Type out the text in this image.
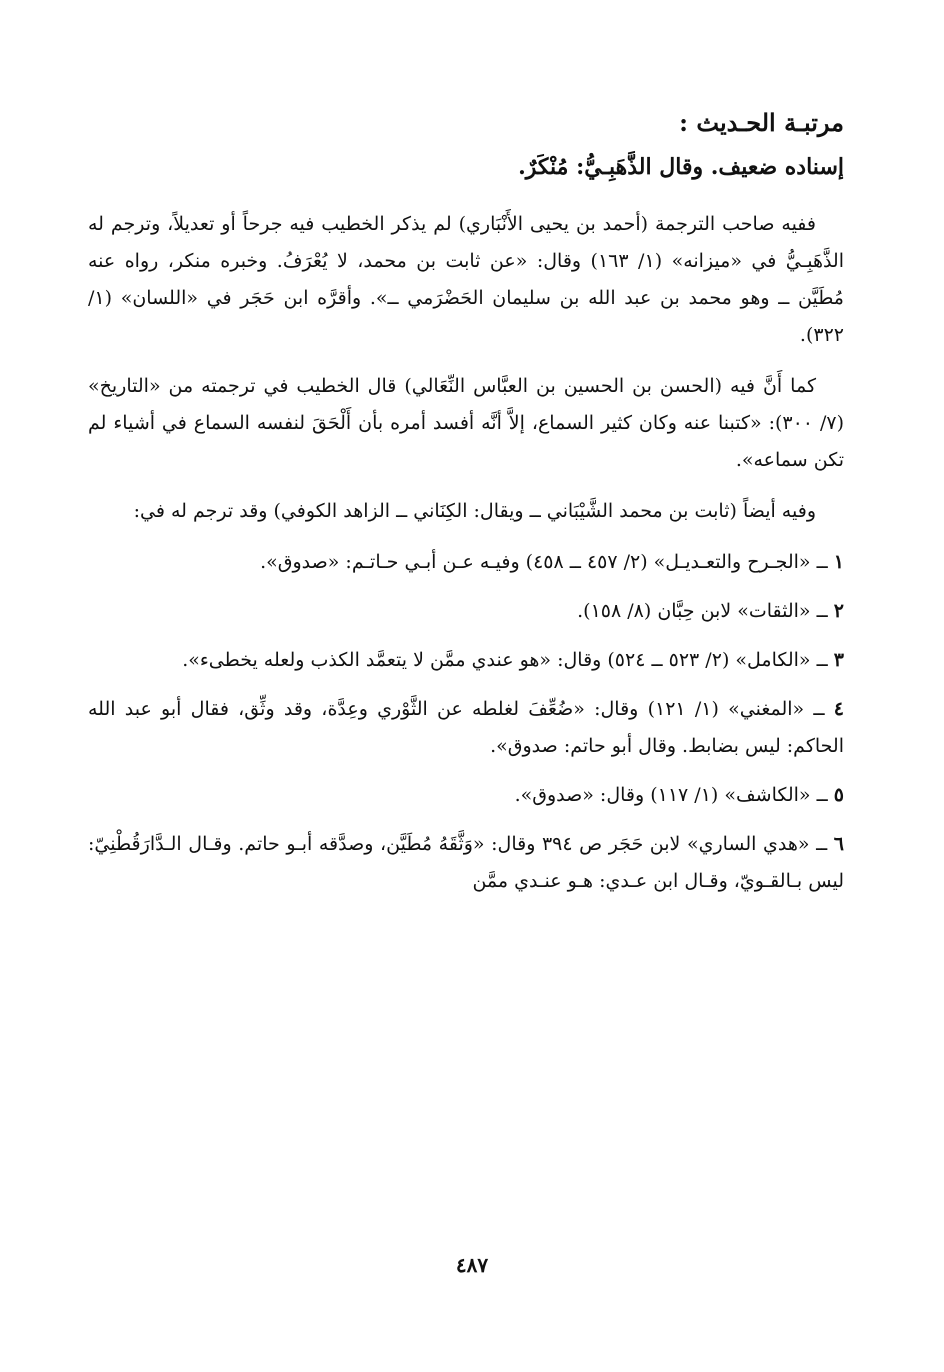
مرتبـة الحـديث :
إسناده ضعيف. وقال الذَّهَبِـيُّ: مُنْكَرٌ.

ففيه صاحب الترجمة (أحمد بن يحيى الأَنْبَاري) لم يذكر الخطيب فيه جرحاً أو تعديلاً، وترجم له الذَّهَبِـيُّ في «ميزانه» (١/ ١٦٣) وقال: «عن ثابت بن محمد، لا يُعْرَفُ. وخبره منكر، رواه عنه مُطَيَّن ــ وهو محمد بن عبد الله بن سليمان الحَضْرَمي ــ». وأقرَّه ابن حَجَر في «اللسان» (١/ ٣٢٢).

كما أَنَّ فيه (الحسن بن الحسين بن العبَّاس النِّعَالي) قال الخطيب في ترجمته من «التاريخ» (٧/ ٣٠٠): «كتبنا عنه وكان كثير السماع، إلاَّ أنَّه أفسد أمره بأن أَلْحَقَ لنفسه السماع في أشياء لم تكن سماعه».

وفيه أيضاً (ثابت بن محمد الشَّيْبَاني ــ ويقال: الكِنَاني ــ الزاهد الكوفي) وقد ترجم له في:

١ ــ «الجـرح والتعـديـل» (٢/ ٤٥٧ ــ ٤٥٨) وفيـه عـن أبـي حـاتـم: «صدوق».

٢ ــ «الثقات» لابن حِبَّان (٨/ ١٥٨).

٣ ــ «الكامل» (٢/ ٥٢٣ ــ ٥٢٤) وقال: «هو عندي ممَّن لا يتعمَّد الكذب ولعله يخطىء».

٤ ــ «المغني» (١/ ١٢١) وقال: «ضُعِّفَ لغلطه عن الثَّوْري وعِدَّة، وقد وثِّق، فقال أبو عبد الله الحاكم: ليس بضابط. وقال أبو حاتم: صدوق».

٥ ــ «الكاشف» (١/ ١١٧) وقال: «صدوق».

٦ ــ «هدي الساري» لابن حَجَر ص ٣٩٤ وقال: «وَثَّقَهُ مُطَيَّن، وصدَّقه أبـو حاتم. وقـال الـدَّارَقُطْنِيّ: ليس بـالقـويّ، وقـال ابن عـدي: هـو عنـدي ممَّن

٤٨٧
